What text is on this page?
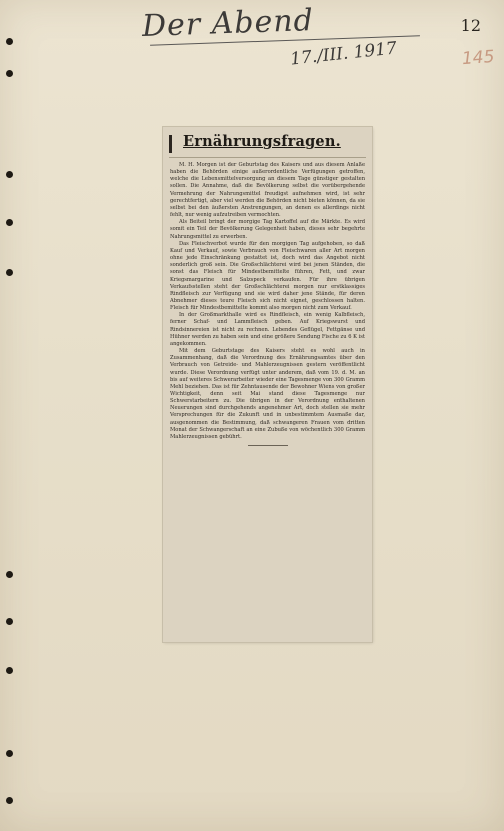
Der Abend
17./III. 1917
12
145
Ernährungsfragen.

M. H. Morgen ist der Geburtstag des Kaisers und aus diesem Anlaße haben die Behörden einige außerordentliche Verfügungen getroffen, welche die Lebensmittelversorgung an diesem Tage günstiger gestalten sollen. Die Annahme, daß die Bevölkerung selbst die vorübergehende Vermehrung der Nahrungsmittel freudigst aufnehmen wird, ist sehr gerechtfertigt, aber viel werden die Behörden nicht bieten können, da sie selbst bei den äußersten Anstrengungen, an denen es allerdings nicht fehlt, nur wenig aufzutreiben vermochten.

Als Beiteil bringt der morgige Tag Kartoffel auf die Märkte. Es wird somit ein Teil der Bevölkerung Gelegenheit haben, dieses sehr begehrte Nahrungsmittel zu erwerben.

Das Fleischverbot wurde für den morgigen Tag aufgehoben, so daß Kauf und Verkauf, sowie Verbrauch von Fleischwaren aller Art morgen ohne jede Einschränkung gestattet ist, doch wird das Angebot nicht sonderlich groß sein. Die Großschlächterei wird bei jenen Ständen, die sonst das Fleisch für Mindestbemittelte führen, Fett, und zwar Kriegsmargarine und Salzspeck verkaufen. Für ihre übrigen Verkaufsstellen steht der Großschlächterei morgen nur erstklassiges Rindfleisch zur Verfügung und sie wird daher jene Stände, für deren Abnehmer dieses teure Fleisch sich nicht eignet, geschlossen halten. Fleisch für Mindestbemittelte kommt also morgen nicht zum Verkauf.

In der Großmarkthalle wird es Rindfleisch, ein wenig Kalbfleisch, ferner Schaf- und Lammfleisch geben. Auf Kriegswurst und Rindsinnereien ist nicht zu rechnen. Lebendes Geflügel, Fettgänse und Hühner werden zu haben sein und eine größere Sendung Fische zu 6 K ist angekommen.

Mit dem Geburtstage des Kaisers steht es wohl auch in Zusammenhang, daß die Verordnung des Ernährungsamtes über den Verbrauch von Getreide- und Mahlerzeugnissen gestern veröffentlicht wurde. Diese Verordnung verfügt unter anderem, daß vom 19. d. M. an bis auf weiteres Schwerarbeiter wieder eine Tagesmenge von 300 Gramm Mehl beziehen. Das ist für Zehntausende der Bewohner Wiens von großer Wichtigkeit, denn seit Mai stand diese Tagesmenge nur Schwerstarbeitern zu. Die übrigen in der Verordnung enthaltenen Neuerungen sind durchgehends angenehmer Art, doch stellen sie mehr Versprechungen für die Zukunft und in unbestimmtem Ausmaße dar, ausgenommen die Bestimmung, daß schwangeren Frauen vom dritten Monat der Schwangerschaft an eine Zubuße von wöchentlich 300 Gramm Mahlerzeugnissen gebührt.
